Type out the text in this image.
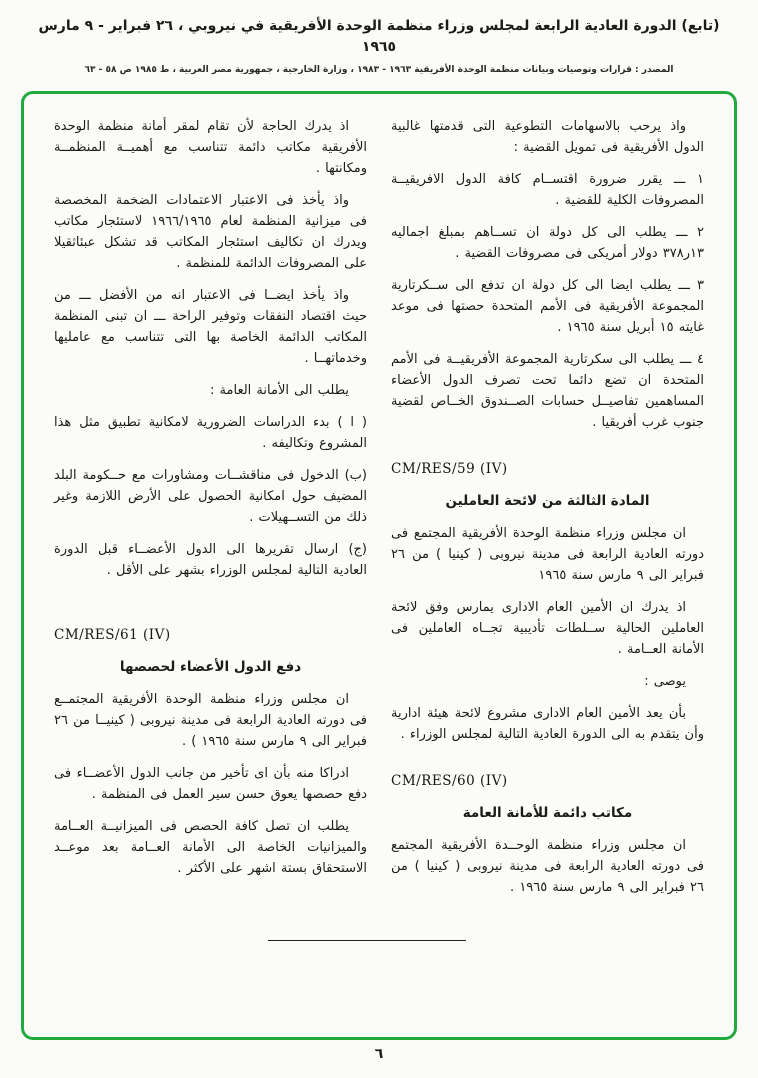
(تابع) الدورة العادية الرابعة لمجلس وزراء منظمة الوحدة الأفريقية في نيروبي ، ٢٦ فبراير - ٩ مارس ١٩٦٥
المصدر : قرارات وتوصيات وبيانات منظمة الوحدة الأفريقية ١٩٦٣ - ١٩٨٣ ، وزارة الخارجية ، جمهورية مصر العربية ، ط ١٩٨٥ ص ٥٨ - ٦٣

واذ يرحب بالاسهامات التطوعية التى قدمتها غالبية الدول الأفريقية فى تمويل القضية :

١ ـــ يقرر ضرورة اقتســام كافة الدول الافريقيــة المصروفات الكلية للقضية .

٢ ـــ يطلب الى كل دولة ان تســاهم بمبلغ اجماليه ١٣ر٣٧٨ دولار أمريكى فى مصروفات القضية .

٣ ـــ يطلب ايضا الى كل دولة ان تدفع الى ســكرتارية المجموعة الأفريقية فى الأمم المتحدة حصتها فى موعد غايته ١٥ أبريل سنة ١٩٦٥ .

٤ ـــ يطلب الى سكرتارية المجموعة الأفريقيــة فى الأمم المتحدة ان تضع دائما تحت تصرف الدول الأعضاء المساهمين تفاصيــل حسابات الصــندوق الخــاص لقضية جنوب غرب أفريقيا .

CM/RES/59 (IV)
المادة الثالثة من لائحة العاملين

ان مجلس وزراء منظمة الوحدة الأفريقية المجتمع فى دورته العادية الرابعة فى مدينة نيروبى ( كينيا ) من ٢٦ فبراير الى ٩ مارس سنة ١٩٦٥

اذ يدرك ان الأمين العام الادارى يمارس وفق لائحة العاملين الحالية ســلطات تأديبية تجــاه العاملين فى الأمانة العــامة .

يوصى :

بأن يعد الأمين العام الادارى مشروع لائحة هيئة ادارية وأن يتقدم به الى الدورة العادية التالية لمجلس الوزراء .

CM/RES/60 (IV)
مكاتب دائمة للأمانة العامة

ان مجلس وزراء منظمة الوحــدة الأفريقية المجتمع فى دورته العادية الرابعة فى مدينة نيروبى ( كينيا ) من ٢٦ فبراير الى ٩ مارس سنة ١٩٦٥ .

اذ يدرك الحاجة لأن تقام لمقر أمانة منظمة الوحدة الأفريقية مكاتب دائمة تتناسب مع أهميــة المنظمــة ومكانتها .

واذ يأخذ فى الاعتبار الاعتمادات الضخمة المخصصة فى ميزانية المنظمة لعام ١٩٦٦/١٩٦٥ لاستئجار مكاتب ويدرك ان تكاليف استئجار المكاتب قد تشكل عبئاثقيلا على المصروفات الدائمة للمنظمة .

واذ يأخذ ايضــا فى الاعتبار انه من الأفضل ـــ من حيث اقتصاد النفقات وتوفير الراحة ـــ ان تبنى المنظمة المكاتب الدائمة الخاصة بها التى تتناسب مع عامليها وخدماتهــا .

يطلب الى الأمانة العامة :

( ا ) بدء الدراسات الضرورية لامكانية تطبيق مثل هذا المشروع وتكاليفه .

(ب) الدخول فى مناقشــات ومشاورات مع حــكومة البلد المضيف حول امكانية الحصول على الأرض اللازمة وغير ذلك من التســهيلات .

(ج) ارسال تقريرها الى الدول الأعضــاء قبل الدورة العادية التالية لمجلس الوزراء بشهر على الأقل .

CM/RES/61 (IV)
دفع الدول الأعضاء لحصصها

ان مجلس وزراء منظمة الوحدة الأفريقية المجتمــع فى دورته العادية الرابعة فى مدينة نيروبى ( كينيــا من ٢٦ فبراير الى ٩ مارس سنة ١٩٦٥ ) .

ادراكا منه بأن اى تأخير من جانب الدول الأعضــاء فى دفع حصصها يعوق حسن سير العمل فى المنظمة .

يطلب ان تصل كافة الحصص فى الميزانيــة العــامة والميزانيات الخاصة الى الأمانة العــامة بعد موعــد الاستحقاق بستة اشهر على الأكثر .

٦
